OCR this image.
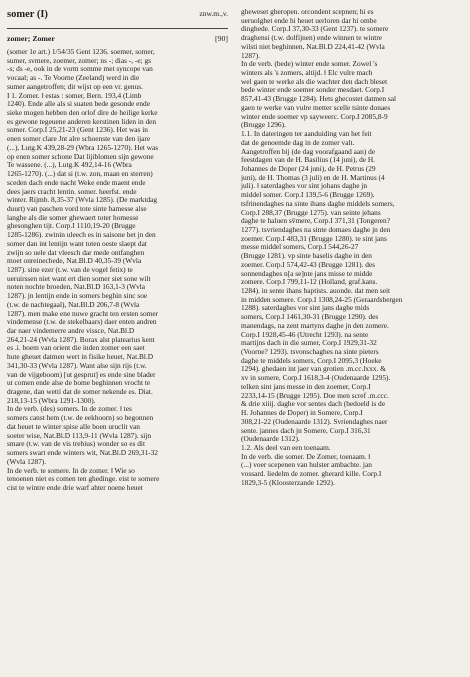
somer (I)	znw.m.,v.
zomer; Zomer	[90]

(somer 1e art.) 1/54/35 Gent 1236. soemer, somer,

sumer, svmere, zoemer, zomer; ns -; dias -, -e; gs

-s; ds -e, ook in de vorm somme met syncope van

vocaal; as -. Te Voorne (Zeeland) werd in die

sumer aangetroffen; dit wijst op een vr. genus.

I 1. Zomer. ‖ estas : somer, Bern. 193,4 (Limb

1240). Ende alle als si suaten bede gesonde ende

sieke mogen hebben den orlof dire de heilige kerke

es gewone tegeuene anderen kerstinen liden in den

somer. Corp.I 25,21-23 (Gent 1236). Het was in

enen somer clare Jnt alre schoenste van den ijare

(...), Lutg.K 439,28-29 (Wbra 1265-1270). Het was

op enen somer schone Dat lijiblomen sijn gewone

Te wassene. (...), Lutg.K 492,14-16 (Wbra

1265-1270). (...) dat si (t.w. zon, maan en sterren)

sceden dach ende nacht Weke ende maent ende

dees jaers cracht lentin. somer. heerfst. ende

winter. Rijmb. 8,35-37 (Wvla 1285). (De marktdag

duurt) van paschen vord tote sinte bamesse alse

langhe als die somer ghewaert toter homesse

ghesonghen tijt. Corp.I 1110,19-20 (Brugge

1285-1286). zwinin uleech es in saisone bet jn den

somer dan int lentijn want toten oeste slaept dat

zwijn so uele dat vleesch dar mede ontfanghen

moet onreinechede, Nat.Bl.D 40,35-39 (Wvla

1287). sine ezer (t.w. van de vogel fetix) te

ueruirssen niet want ert dien somer siet sone wilt

noten nochte broeden, Nat.Bl.D 163,1-3 (Wvla

1287). jn lentijn ende in somers beghin sinc soe

(t.w. de nachtegaal), Nat.Bl.D 206,7-8 (Wvla

1287). men make ene nuwe gracht ten ersten somer

vindemense (t.w. de stekelbaars) daer enten andren

dar naer vindemerre andre vissce, Nat.Bl.D

264,21-24 (Wvla 1287). Borax alst platearius kent

es .i. boem van orient die inden zomer een saet

hute gheuet datmen wert in fisike heuet, Nat.Bl.D

341,30-33 (Wvla 1287). Want alse sijn rijs (t.w.

van de vijgeboom) [ut gesprut] es ende sine blader

ut comen ende alse de bome beghinnen vrocht te

dragene, dan wetti dat de somer nekende es. Diat.

218,13-15 (Wbra 1291-1300).

In de verb. (des) somers. In de zomer. ‖ tes

somers canst hem (t.w. de eekhoorn) so begonnen

dat heuet te winter spise alle boen uruclit van

soeter wise, Nat.Bl.D 113,9-11 (Wvla 1287). sijn

smare (t.w. van de vis trebius) wonder so es dit

somers swart ende winters wit, Nat.Bl.D 269,31-32

(Wvla 1287).

In de verb. te somere. In de zomer. ‖ Wie so

tenoenen niet es comen ten ghedinge. eist te somere

cist te wintre ende drie warf ahter noene heuet

gheweset gheropen. orcondent scepnen; hi es

ueruolghet ende hi heuet uerloren dar hi ombe

dinghede. Corp.I 37,30-33 (Gent 1237). te somere

draghensi (t.w. dolfijnen) ende winnen te wintre

wilsti niet beghinnen, Nat.Bl.D 224,41-42 (Wvla

1287).

In de verb. (bede) winter ende somer. Zowel 's

winters als 's zomers, altijd. ‖ Elc vulre mach

wel gaen te werke als die wachter den dach bleset

bede winter ende soemer sonder mesdaet. Corp.I

857,41-43 (Brugge 1284). Hets ghecostet datmen sal

gaen te werke van vulre metter scelle tsinte donaes

winter ende soemer vp sayweerc. Corp.I 2085,8-9

(Brugge 1296).

1.1. In dateringen ter aanduiding van het feit

dat de genoemde dag in de zomer valt.

Aangetroffen bij (de dag voorafgaand aan) de

feestdagen van de H. Basilius (14 juni), de H.

Johannes de Doper (24 juni), de H. Petrus (29

juni), de H. Thomas (3 juli) en de H. Martinus (4

juli). ‖ saterdaghes vor sint johans daghe jn

middel somer. Corp.I 139,5-6 (Brugge 1269).

tsfrinendaghes na sinte ihans daghe middels somers,

Corp.I 288,37 (Brugge 1275). van seinte jehans

daghe te haluen sv̄mere, Corp.I 371,31 (Tongeren?

1277). tsvriendaghes na sinte domaes daghe jn den

zoemer. Corp.I 483,31 (Brugge 1280). te sint jans

messe middel somers, Corp.I 544,26-27

(Brugge 1281). vp sinte baselis daghe in den

zoemer. Corp.I 574,42-43 (Brugge 1281). des

sonnendaghes n[a se]nte jans misse te midde

zomere. Corp.I 799,11-12 (Holland, graf.kans.

1284). in sente ihans baptists. auonde. dat men seit

in midden somere. Corp.I 1308,24-25 (Geraardsbergen

1288). saterdaghes vor sint jans daghe mids

somers, Corp.I 1461,30-31 (Brugge 1290). des

manendags, na zent martyns daghe jn den zomere.

Corp.I 1928,45-46 (Utrecht 1293). na sente

martijns dach in die sumer, Corp.I 1929,31-32

(Voorne? 1293). tsvonschaghes na sinte pieters

daghe te middels somers, Corp.I 2095,3 (Hoeke

1294). ghedaen int jaer van grotien .m.cc.lxxx. &

xv in somere, Corp.I 1618,3-4 (Oudenaarde 1295).

telken sint jans messe in den zoemer, Corp.I

2233,14-15 (Brugge 1295). Doe men scref .m.ccc.

& drie xiiij. daghe vor sentes dach (bedoeld is de

H. Johannes de Doper) in Somere, Corp.I

308,21-22 (Oudenaarde 1312). Svriendaghes naer

sente. jannes dach jn Somere, Corp.I 316,31

(Oudenaarde 1312).

1.2. Als deel van een toenaam.

In de verb. die somer. De Zomer, toenaam. ‖

(...) voer scepenen van hulster ambachte. jan

vossard. liedelm de zomer. gherard kille. Corp.I

1829,3-5 (Kloosterzande 1292).
